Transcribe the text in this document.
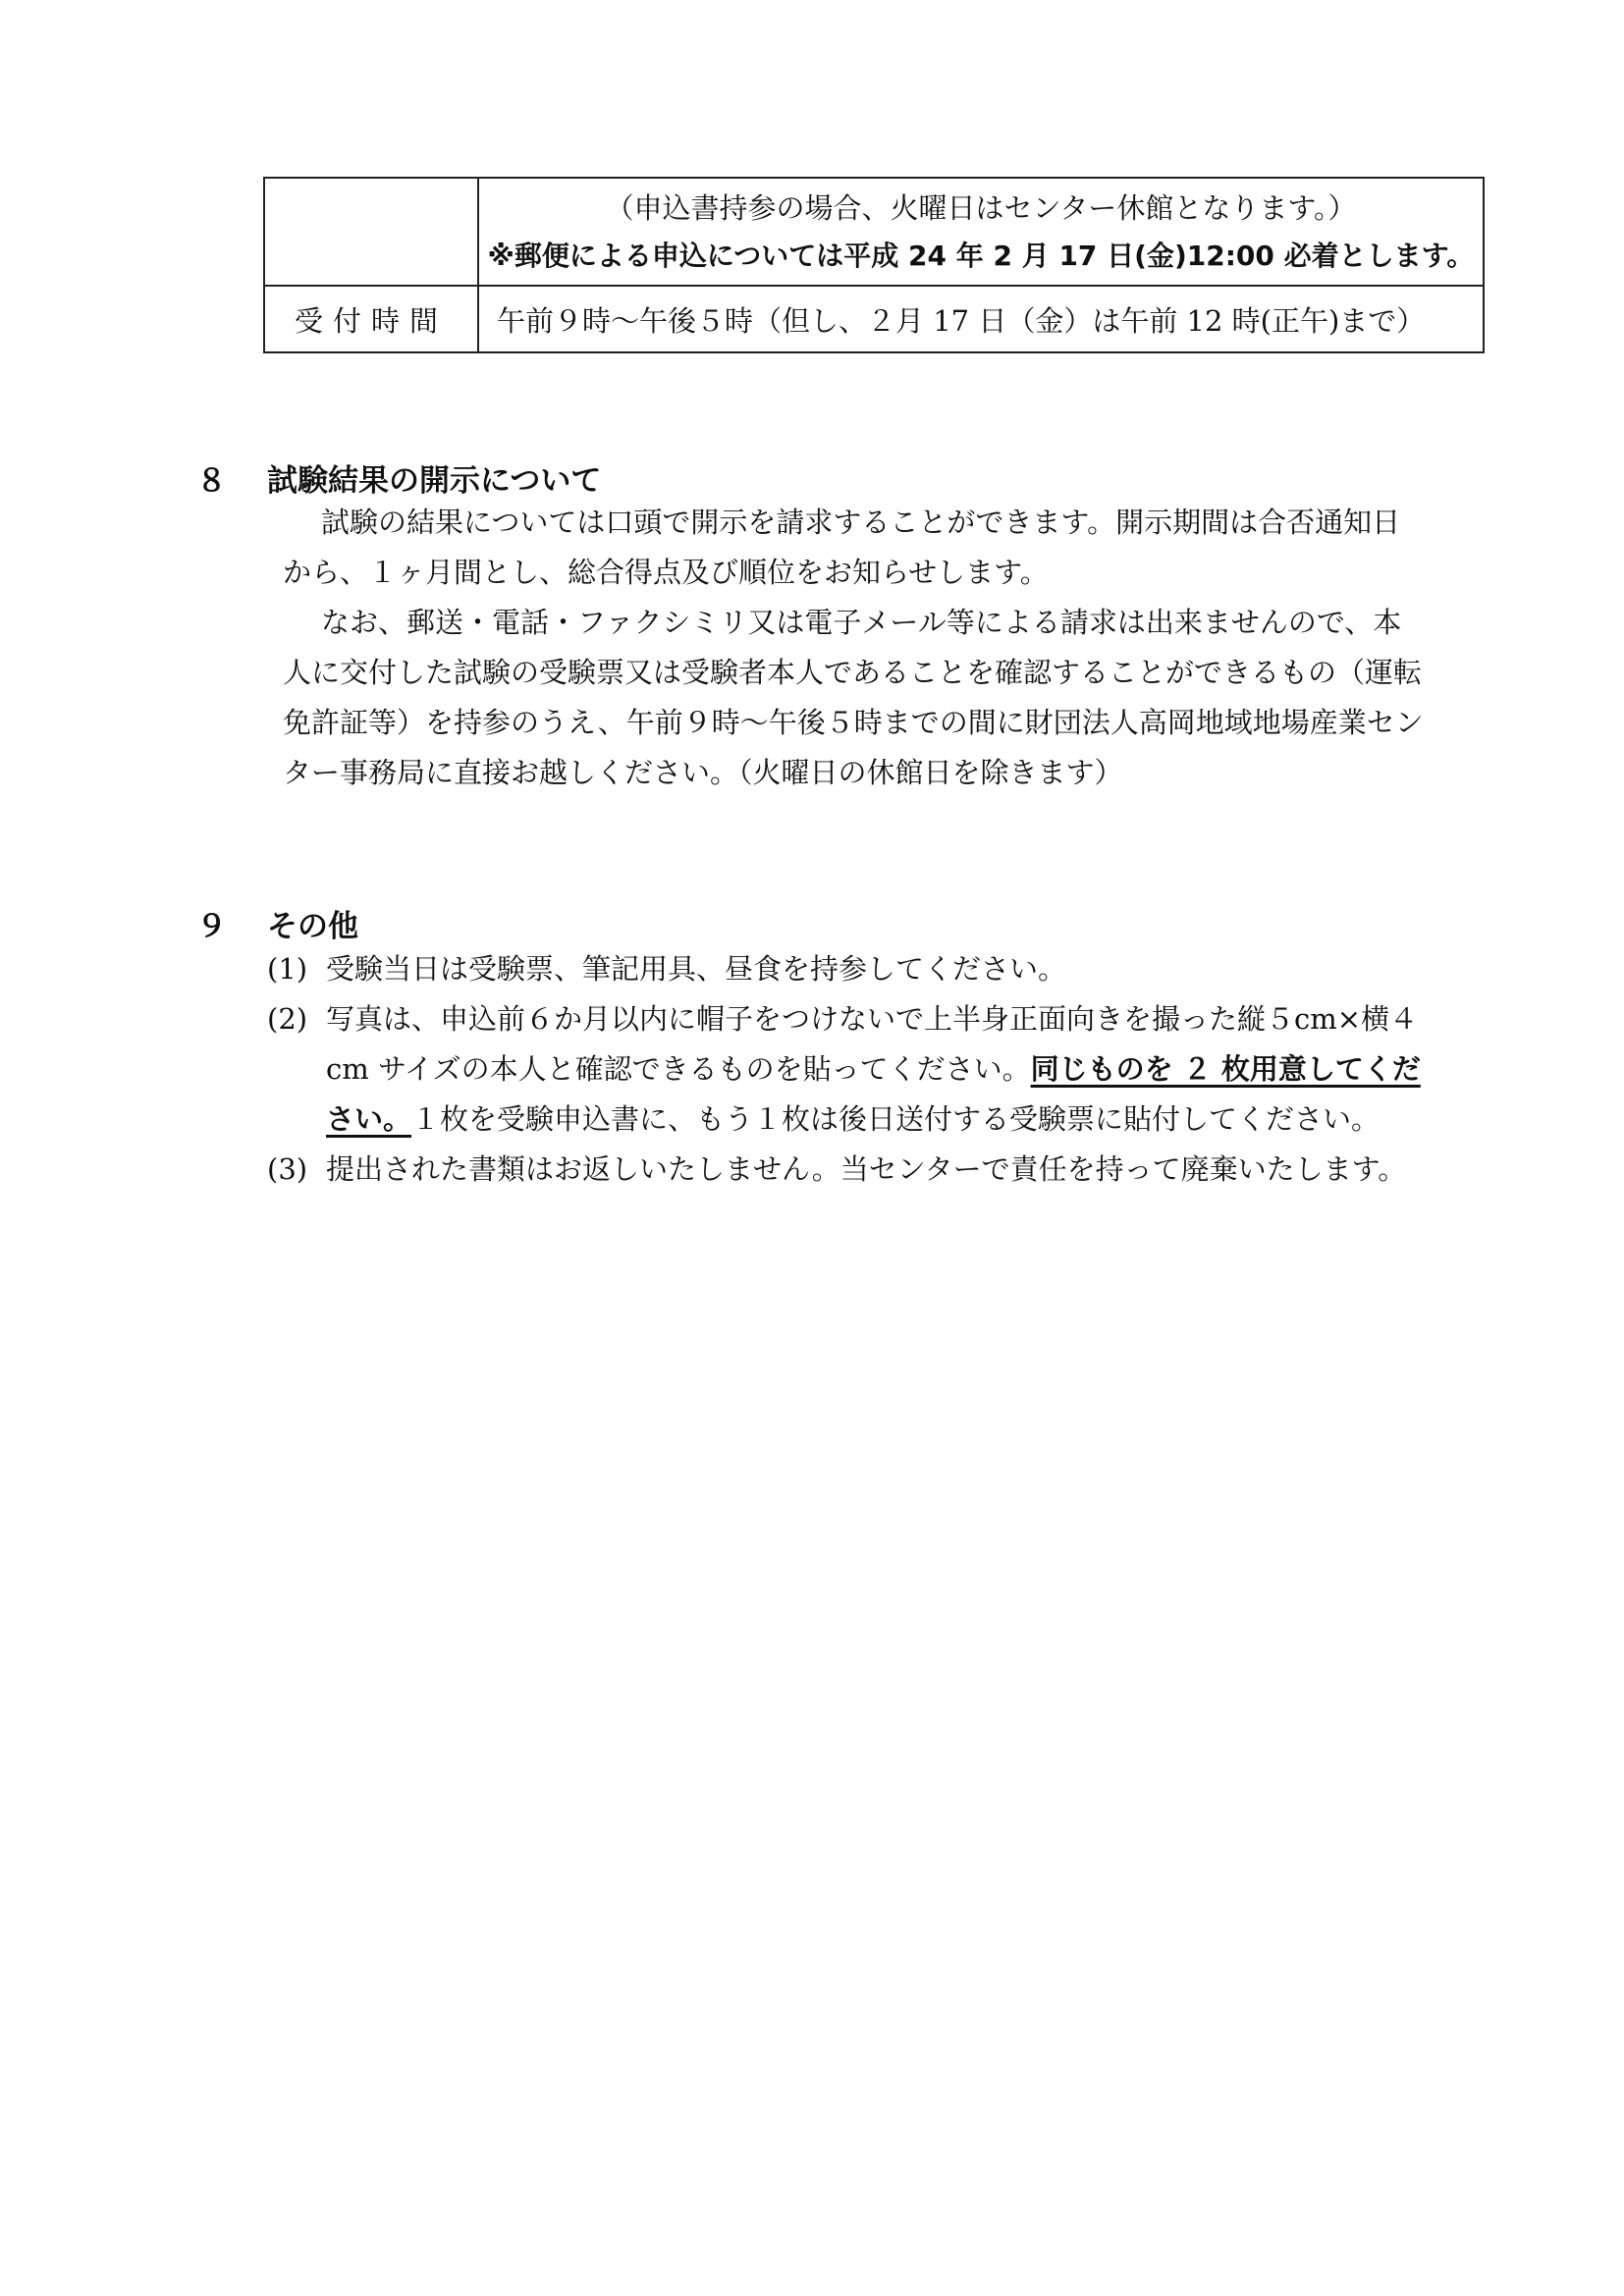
	（申込書持参の場合、火曜日はセンター休館となります。）
※郵便による申込については平成 24 年 2 月 17 日(金)12:00 必着とします。

受付時間	午前９時～午後５時（但し、２月 17 日（金）は午前 12 時(正午)まで）
８ 試験結果の開示について
試験の結果については口頭で開示を請求することができます。開示期間は合否通知日
から、１ヶ月間とし、総合得点及び順位をお知らせします。
なお、郵送・電話・ファクシミリ又は電子メール等による請求は出来ませんので、本
人に交付した試験の受験票又は受験者本人であることを確認することができるもの（運転
免許証等）を持参のうえ、午前９時～午後５時までの間に財団法人高岡地域地場産業セン
ター事務局に直接お越しください。（火曜日の休館日を除きます）
９ その他
(1) 受験当日は受験票、筆記用具、昼食を持参してください。
(2) 写真は、申込前６か月以内に帽子をつけないで上半身正面向きを撮った縦５cm×横４
cm サイズの本人と確認できるものを貼ってください。同じものを ２ 枚用意してくだ
さい。１枚を受験申込書に、もう１枚は後日送付する受験票に貼付してください。
(3) 提出された書類はお返しいたしません。当センターで責任を持って廃棄いたします。
